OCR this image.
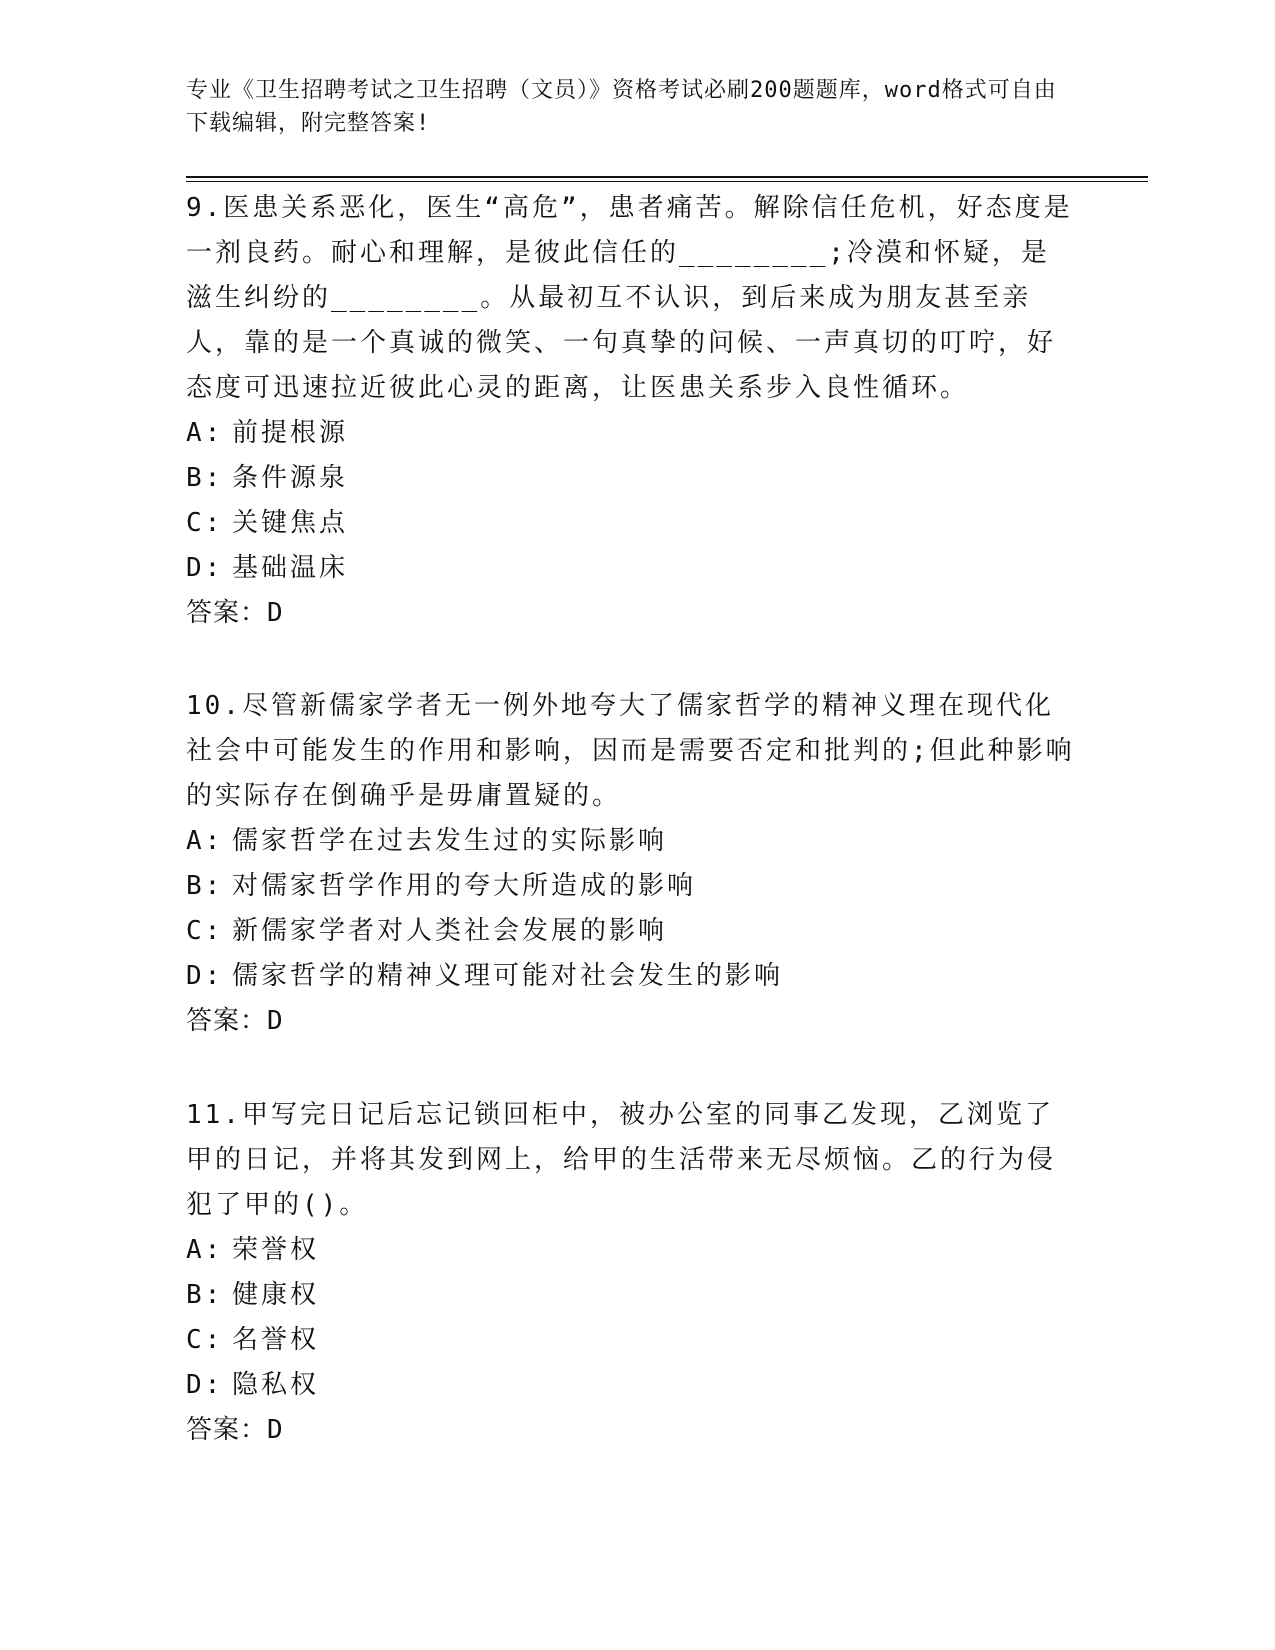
专业《卫生招聘考试之卫生招聘（文员）》资格考试必刷200题题库，word格式可自由下载编辑，附完整答案!

9.医患关系恶化，医生“高危”，患者痛苦。解除信任危机，好态度是一剂良药。耐心和理解，是彼此信任的________;冷漠和怀疑，是滋生纠纷的________。从最初互不认识，到后来成为朋友甚至亲人，靠的是一个真诚的微笑、一句真挚的问候、一声真切的叮咛，好态度可迅速拉近彼此心灵的距离，让医患关系步入良性循环。

A: 前提根源

B: 条件源泉

C: 关键焦点

D: 基础温床

答案：D

10.尽管新儒家学者无一例外地夸大了儒家哲学的精神义理在现代化社会中可能发生的作用和影响，因而是需要否定和批判的;但此种影响的实际存在倒确乎是毋庸置疑的。

A: 儒家哲学在过去发生过的实际影响

B: 对儒家哲学作用的夸大所造成的影响

C: 新儒家学者对人类社会发展的影响

D: 儒家哲学的精神义理可能对社会发生的影响

答案：D

11.甲写完日记后忘记锁回柜中，被办公室的同事乙发现，乙浏览了甲的日记，并将其发到网上，给甲的生活带来无尽烦恼。乙的行为侵犯了甲的()。

A: 荣誉权

B: 健康权

C: 名誉权

D: 隐私权

答案：D
